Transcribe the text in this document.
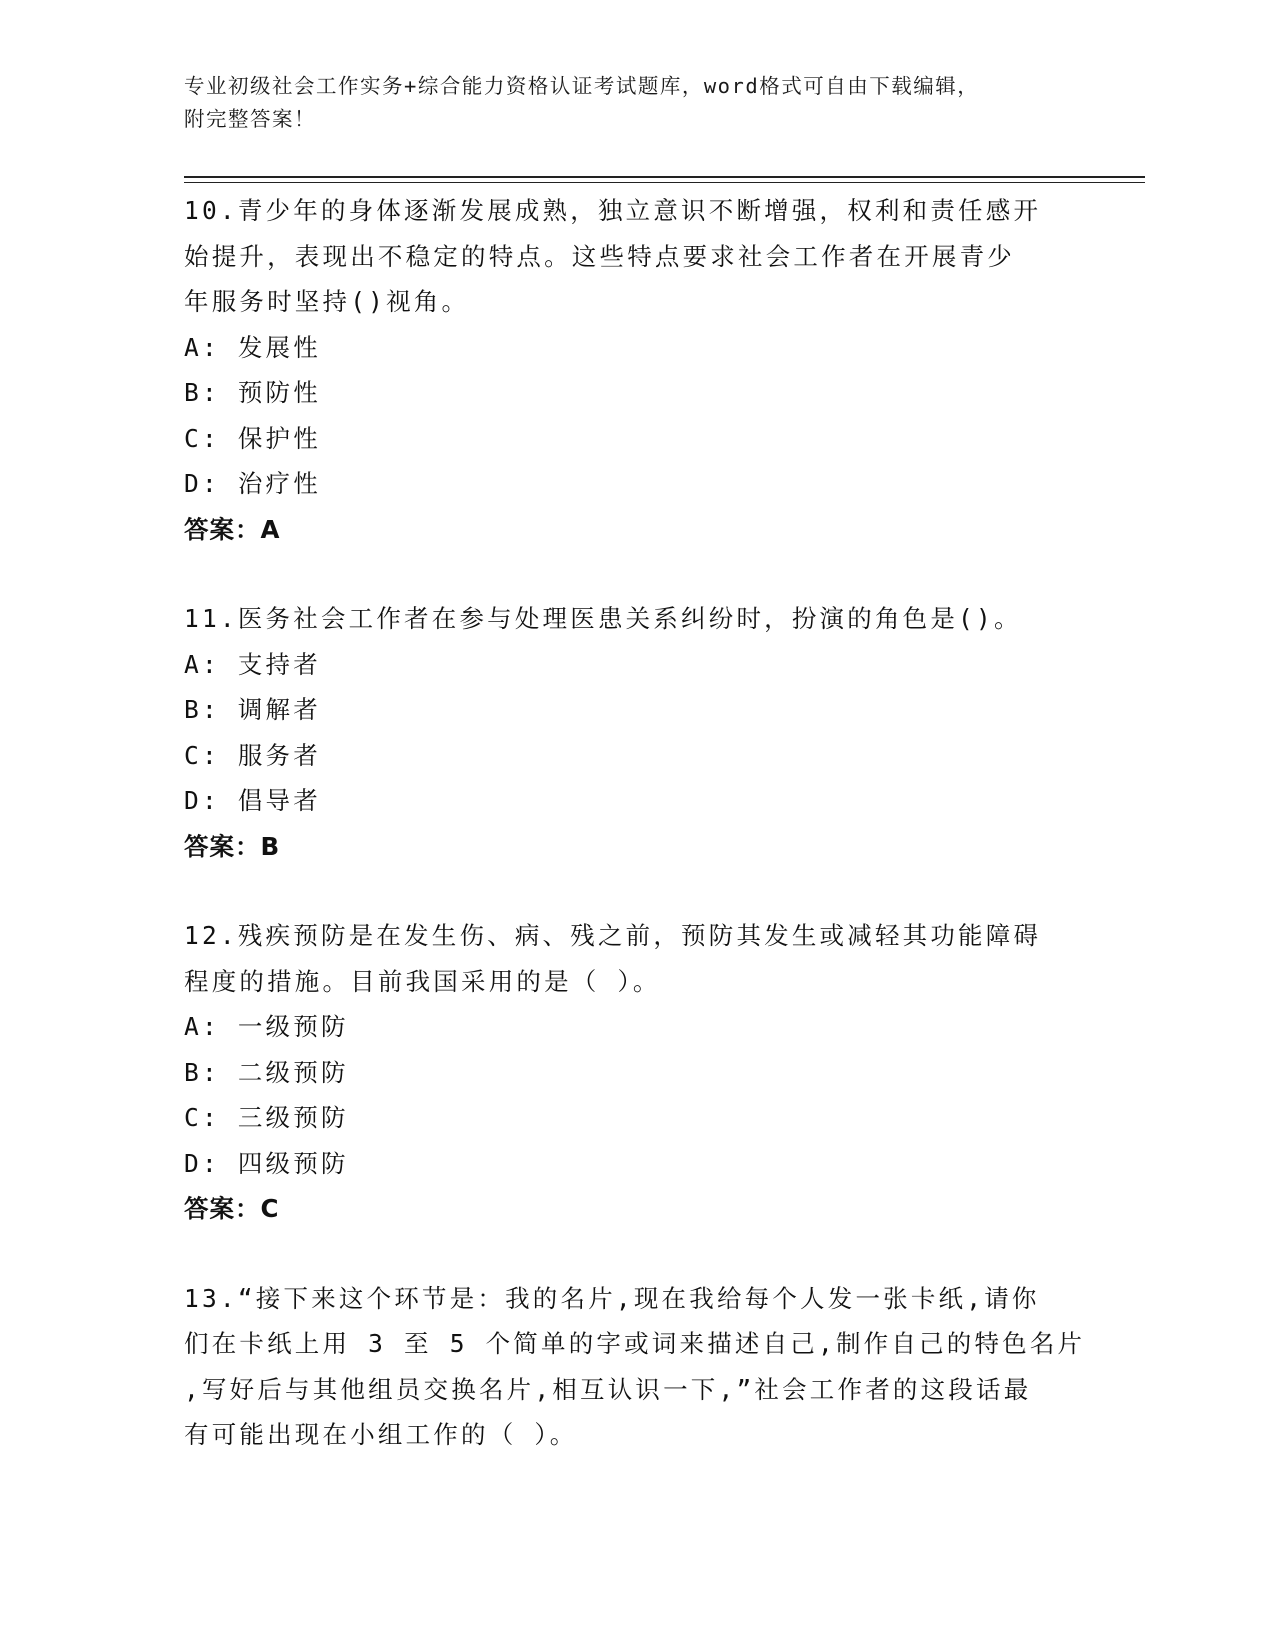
专业初级社会工作实务+综合能力资格认证考试题库，word格式可自由下载编辑，
附完整答案！

10.青少年的身体逐渐发展成熟，独立意识不断增强，权利和责任感开

始提升，表现出不稳定的特点。这些特点要求社会工作者在开展青少

年服务时坚持()视角。

A: 发展性

B: 预防性

C: 保护性

D: 治疗性

答案：A

11.医务社会工作者在参与处理医患关系纠纷时，扮演的角色是()。

A: 支持者

B: 调解者

C: 服务者

D: 倡导者

答案：B

12.残疾预防是在发生伤、病、残之前，预防其发生或减轻其功能障碍

程度的措施。目前我国采用的是（ ）。

A: 一级预防

B: 二级预防

C: 三级预防

D: 四级预防

答案：C

13.“接下来这个环节是：我的名片,现在我给每个人发一张卡纸,请你

们在卡纸上用 3 至 5 个简单的字或词来描述自己,制作自己的特色名片

,写好后与其他组员交换名片,相互认识一下,”社会工作者的这段话最

有可能出现在小组工作的（ ）。
